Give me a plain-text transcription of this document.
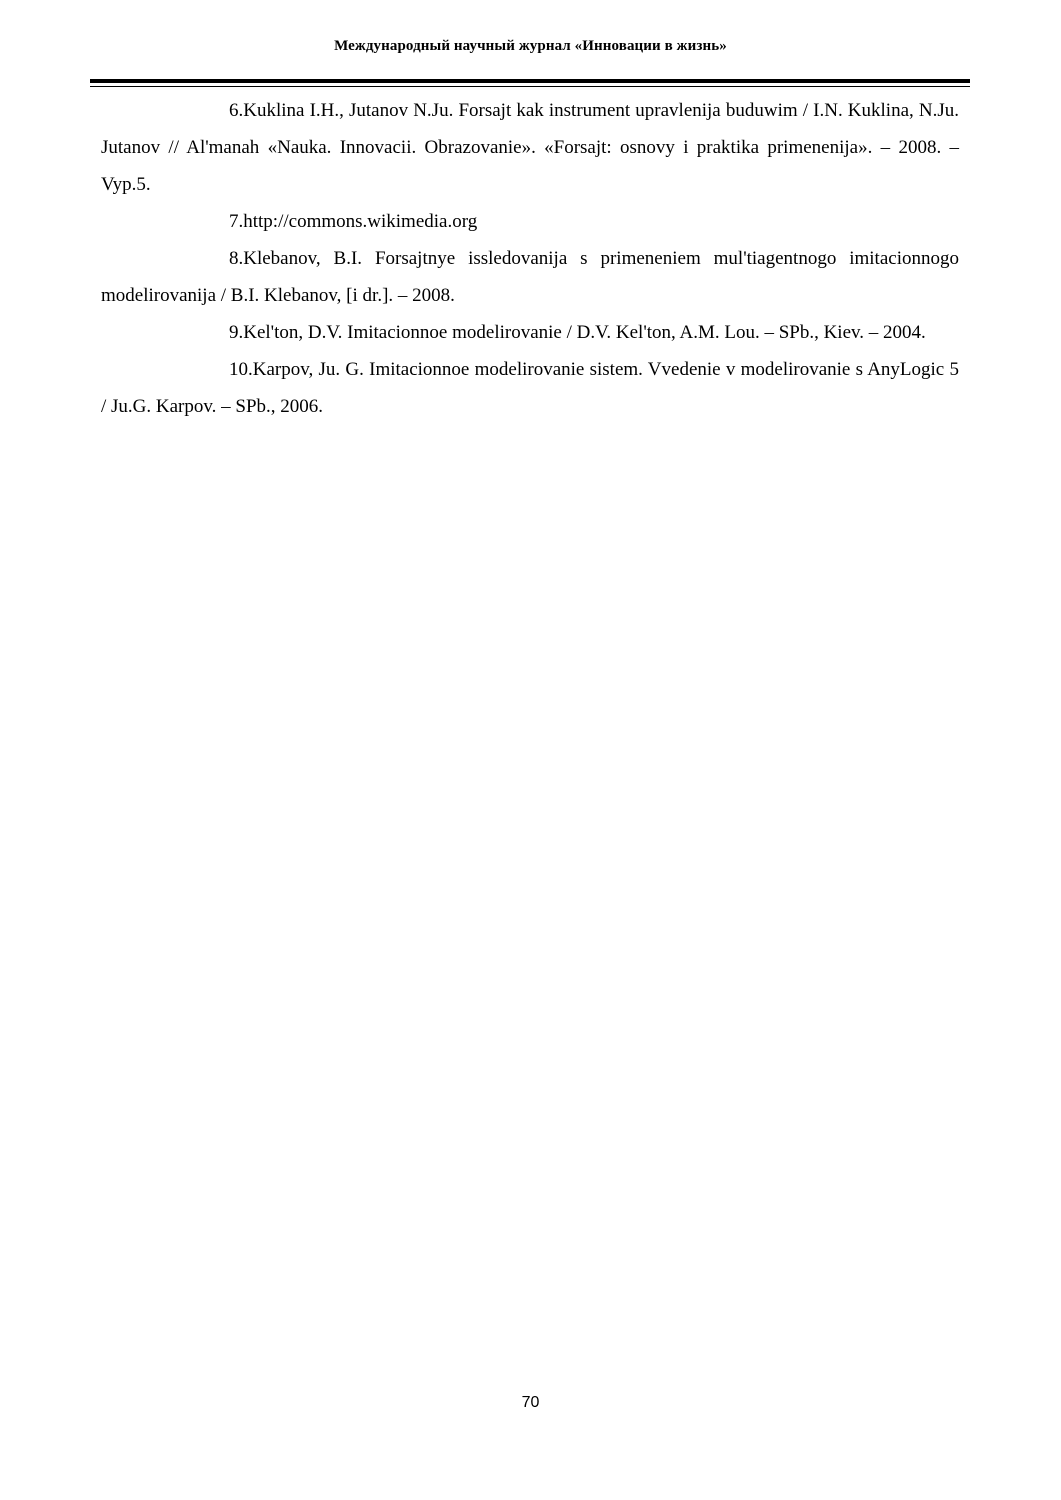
Международный научный журнал «Инновации в жизнь»

6.Kuklina I.H., Jutanov N.Ju. Forsajt kak instrument upravlenija buduwim / I.N. Kuklina, N.Ju. Jutanov // Al'manah «Nauka. Innovacii. Obrazovanie». «Forsajt: osnovy i praktika primenenija». – 2008. – Vyp.5.

7.http://commons.wikimedia.org

8.Klebanov, B.I. Forsajtnye issledovanija s primeneniem mul'tiagentnogo imitacionnogo modelirovanija / B.I. Klebanov, [i dr.]. – 2008.

9.Kel'ton, D.V. Imitacionnoe modelirovanie / D.V. Kel'ton, A.M. Lou. – SPb., Kiev. – 2004.

10.Karpov, Ju. G. Imitacionnoe modelirovanie sistem. Vvedenie v modelirovanie s AnyLogic 5 / Ju.G. Karpov. – SPb., 2006.

70
